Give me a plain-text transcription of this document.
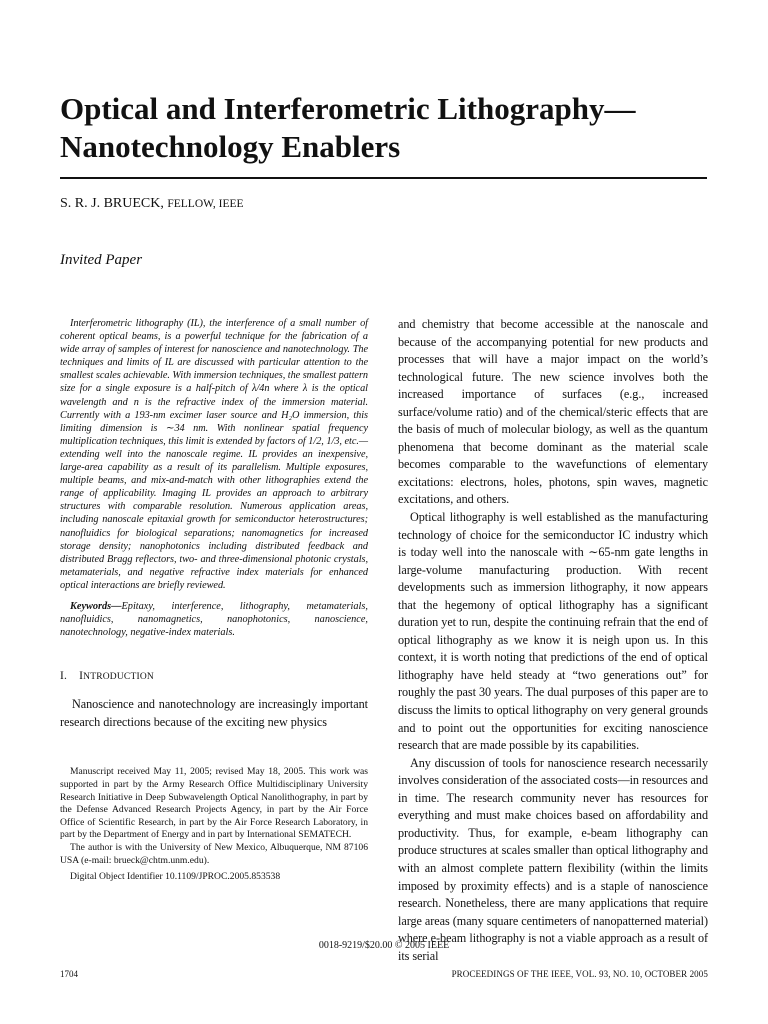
Optical and Interferometric Lithography—
Nanotechnology Enablers
S. R. J. BRUECK, FELLOW, IEEE
Invited Paper

Interferometric lithography (IL), the interference of a small number of coherent optical beams, is a powerful technique for the fabrication of a wide array of samples of interest for nanoscience and nanotechnology. The techniques and limits of IL are discussed with particular attention to the smallest scales achievable. With immersion techniques, the smallest pattern size for a single exposure is a half-pitch of λ/4n where λ is the optical wavelength and n is the refractive index of the immersion material. Currently with a 193-nm excimer laser source and H₂O immersion, this limiting dimension is ∼34 nm. With nonlinear spatial frequency multiplication techniques, this limit is extended by factors of 1/2, 1/3, etc.—extending well into the nanoscale regime. IL provides an inexpensive, large-area capability as a result of its parallelism. Multiple exposures, multiple beams, and mix-and-match with other lithographies extend the range of applicability. Imaging IL provides an approach to arbitrary structures with comparable resolution. Numerous application areas, including nanoscale epitaxial growth for semiconductor heterostructures; nanofluidics for biological separations; nanomagnetics for increased storage density; nanophotonics including distributed feedback and distributed Bragg reflectors, two- and three-dimensional photonic crystals, metamaterials, and negative refractive index materials for enhanced optical interactions are briefly reviewed.

Keywords—Epitaxy, interference, lithography, metamaterials, nanofluidics, nanomagnetics, nanophotonics, nanoscience, nanotechnology, negative-index materials.

I. INTRODUCTION

Nanoscience and nanotechnology are increasingly important research directions because of the exciting new physics

Manuscript received May 11, 2005; revised May 18, 2005. This work was supported in part by the Army Research Office Multidisciplinary University Research Initiative in Deep Subwavelength Optical Nanolithography, in part by the Defense Advanced Research Projects Agency, in part by the Air Force Office of Scientific Research, in part by the Air Force Research Laboratory, in part by the Department of Energy and in part by International SEMATECH.

The author is with the University of New Mexico, Albuquerque, NM 87106 USA (e-mail: brueck@chtm.unm.edu).

Digital Object Identifier 10.1109/JPROC.2005.853538

and chemistry that become accessible at the nanoscale and because of the accompanying potential for new products and processes that will have a major impact on the world’s technological future. The new science involves both the increased importance of surfaces (e.g., increased surface/volume ratio) and of the chemical/steric effects that are the basis of much of molecular biology, as well as the quantum phenomena that become dominant as the material scale becomes comparable to the wavefunctions of elementary excitations: electrons, holes, photons, spin waves, magnetic excitations, and others.

Optical lithography is well established as the manufacturing technology of choice for the semiconductor IC industry which is today well into the nanoscale with ∼65-nm gate lengths in large-volume manufacturing production. With recent developments such as immersion lithography, it now appears that the hegemony of optical lithography has a significant duration yet to run, despite the continuing refrain that the end of optical lithography as we know it is neigh upon us. In this context, it is worth noting that predictions of the end of optical lithography have held steady at “two generations out” for roughly the past 30 years. The dual purposes of this paper are to discuss the limits to optical lithography on very general grounds and to point out the opportunities for exciting nanoscience research that are made possible by its capabilities.

Any discussion of tools for nanoscience research necessarily involves consideration of the associated costs—in resources and in time. The research community never has resources for everything and must make choices based on affordability and productivity. Thus, for example, e-beam lithography can produce structures at scales smaller than optical lithography and with an almost complete pattern flexibility (within the limits imposed by proximity effects) and is a staple of nanoscience research. Nonetheless, there are many applications that require large areas (many square centimeters of nanopatterned material) where e-beam lithography is not a viable approach as a result of its serial

0018-9219/$20.00 © 2005 IEEE
1704	PROCEEDINGS OF THE IEEE, VOL. 93, NO. 10, OCTOBER 2005
